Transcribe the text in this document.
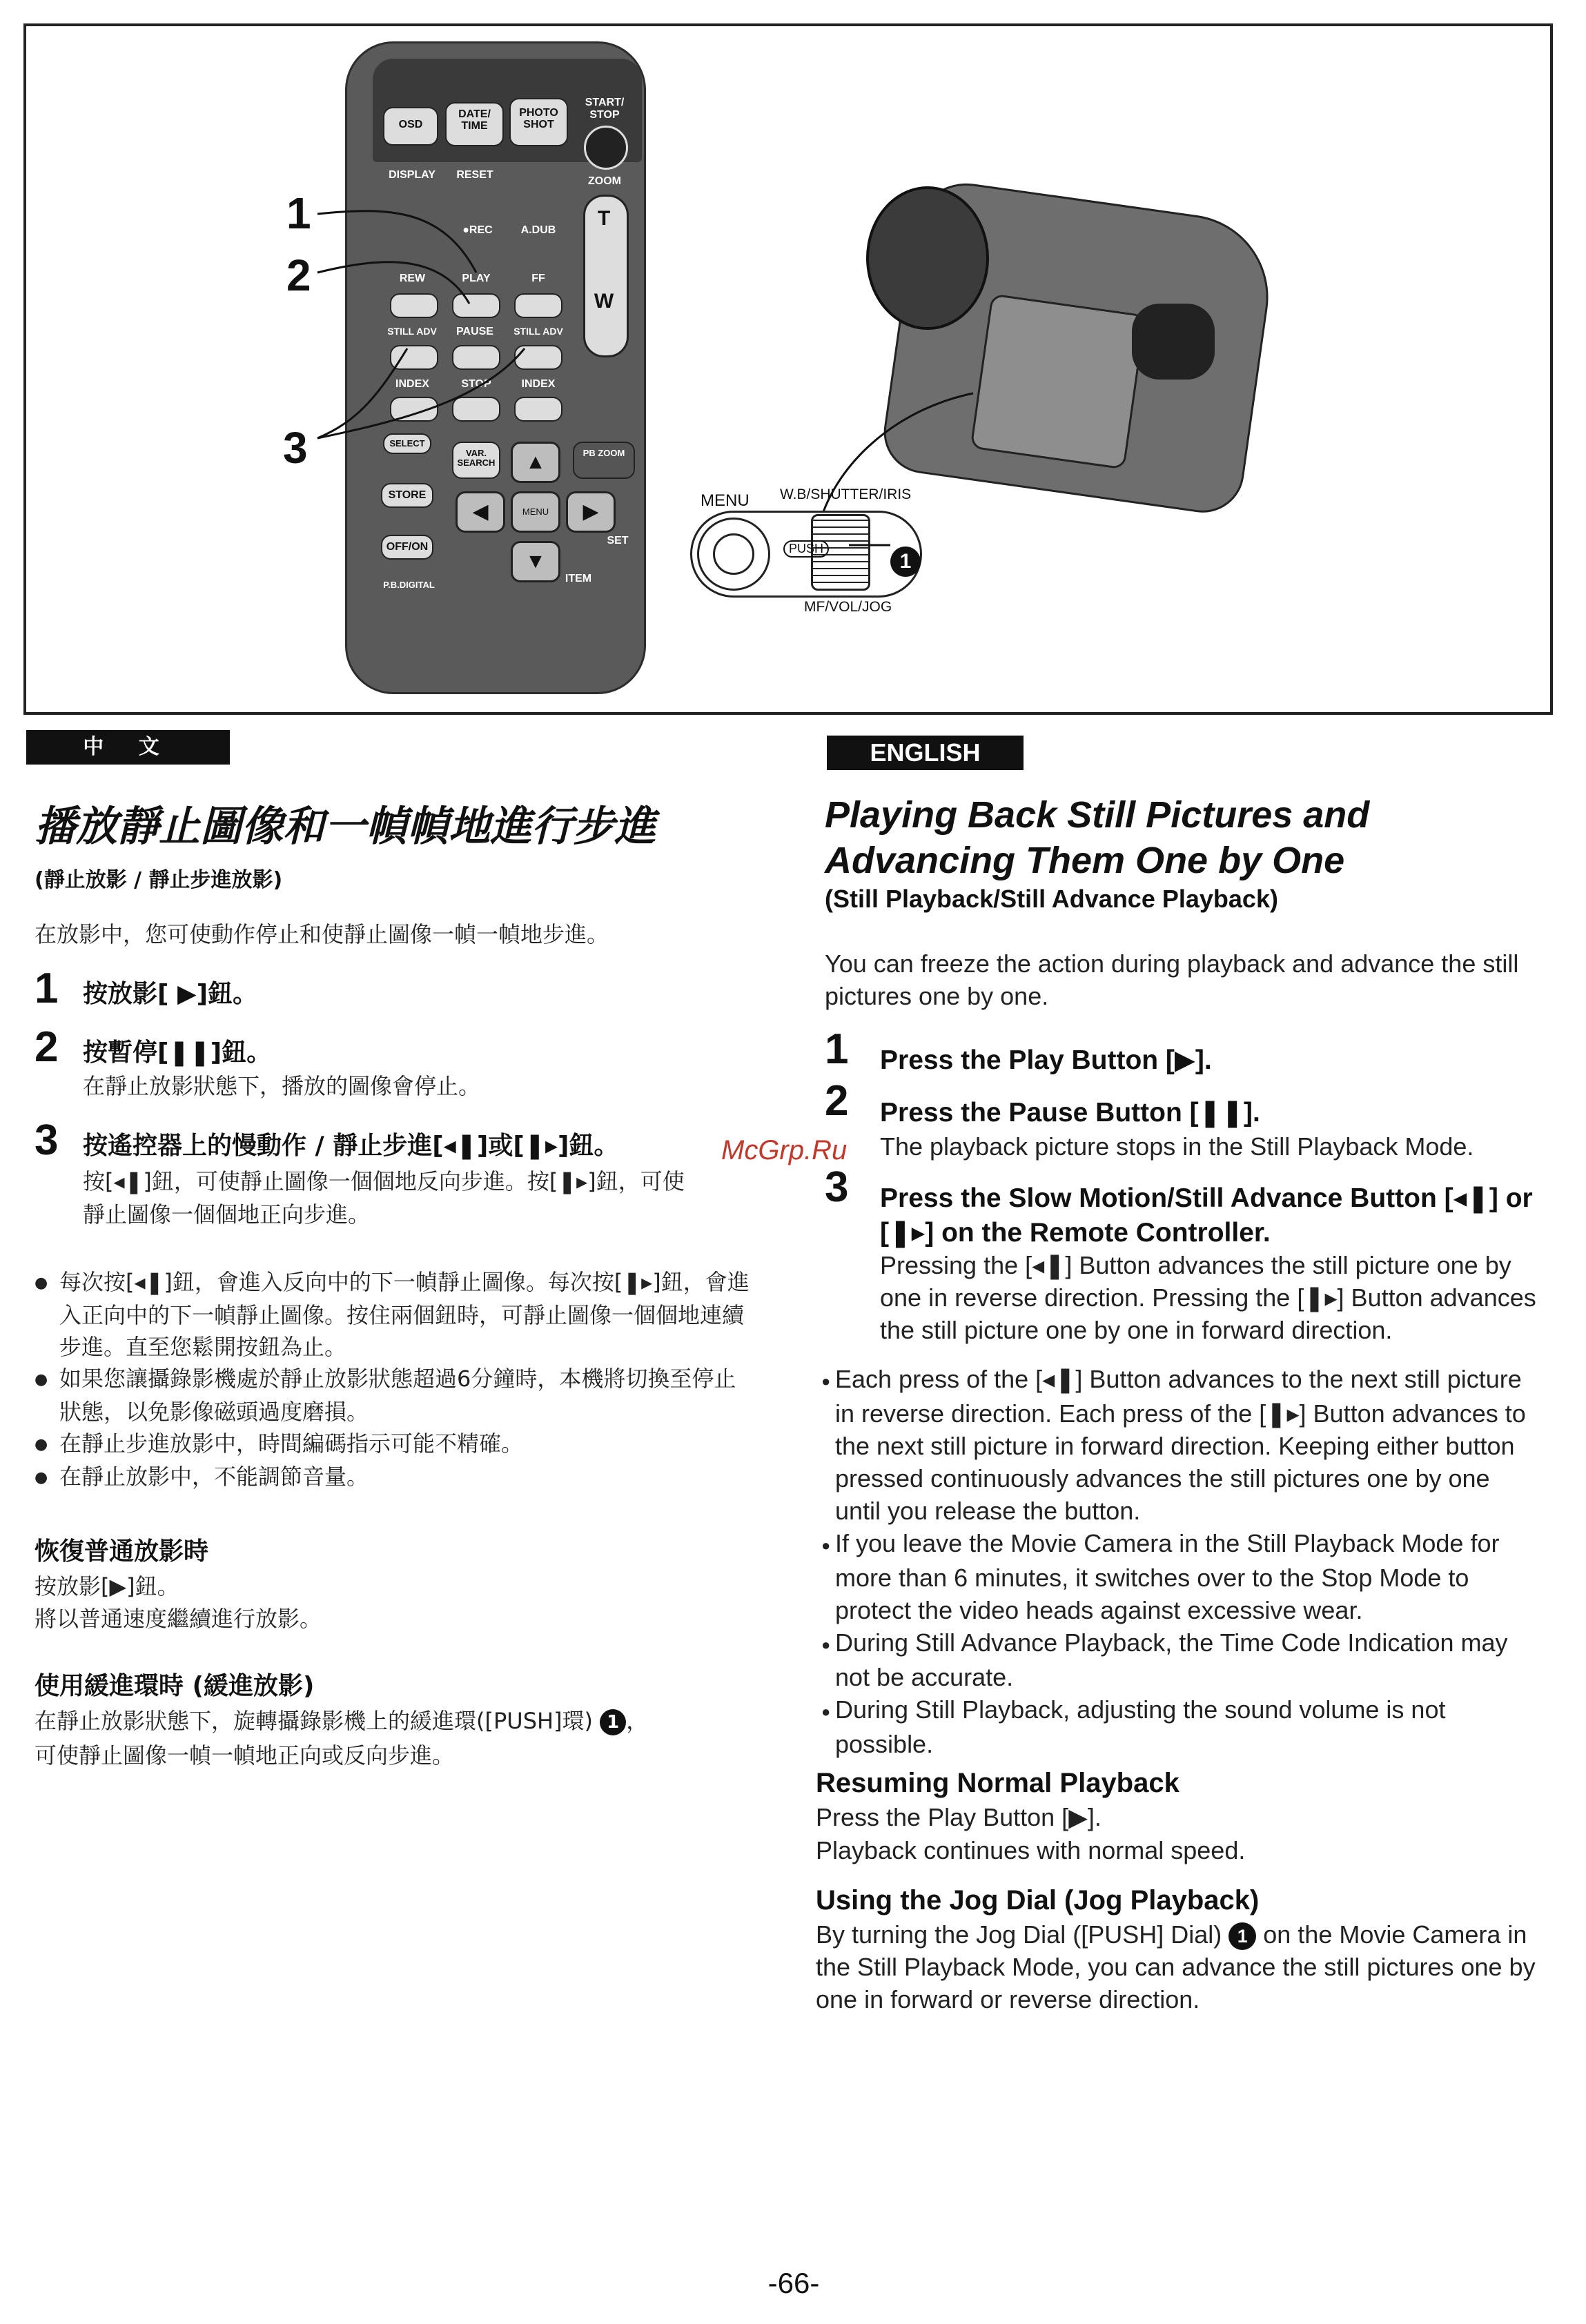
OSD
DATE/ TIME
PHOTO SHOT
START/ STOP
DISPLAY	RESET
ZOOM
T
W
●REC	A.DUB
REW	PLAY	FF
STILL ADV	PAUSE	STILL ADV
INDEX	STOP	INDEX
SELECT
VAR. SEARCH
PB ZOOM
STORE
OFF/ON
P.B.DIGITAL
▲
◀	MENU	▶
▼
SET
ITEM
1
2
3
MENU W.B/SHUTTER/IRIS
PUSH
MF/VOL/JOG
1
中 文
播放靜止圖像和一幀幀地進行步進
(靜止放影 / 靜止步進放影)
在放影中，您可使動作停止和使靜止圖像一幀一幀地步進。
1 按放影[ ▶]鈕。
2 按暫停[❚❚]鈕。
在靜止放影狀態下，播放的圖像會停止。
3 按遙控器上的慢動作 / 靜止步進[◂❚]或[❚▸]鈕。
按[◂❚]鈕，可使靜止圖像一個個地反向步進。按[❚▸]鈕，可使
靜止圖像一個個地正向步進。
● 每次按[◂❚]鈕，會進入反向中的下一幀靜止圖像。每次按[❚▸]鈕，會進入正向中的下一幀靜止圖像。按住兩個鈕時，可靜止圖像一個個地連續步進。直至您鬆開按鈕為止。
● 如果您讓攝錄影機處於靜止放影狀態超過6分鐘時，本機將切換至停止狀態，以免影像磁頭過度磨損。
● 在靜止步進放影中，時間編碼指示可能不精確。
● 在靜止放影中，不能調節音量。
恢復普通放影時
按放影[▶]鈕。
將以普通速度繼續進行放影。
使用緩進環時 (緩進放影)
在靜止放影狀態下，旋轉攝錄影機上的緩進環([PUSH]環) 1 ，
可使靜止圖像一幀一幀地正向或反向步進。
ENGLISH
Playing Back Still Pictures and
Advancing Them One by One
(Still Playback/Still Advance Playback)
You can freeze the action during playback and advance the still pictures one by one.
1 Press the Play Button [▶].
2 Press the Pause Button [❚❚].
The playback picture stops in the Still Playback Mode.
3 Press the Slow Motion/Still Advance Button [◂❚] or [❚▸] on the Remote Controller.
Pressing the [◂❚] Button advances the still picture one by one in reverse direction. Pressing the [❚▸] Button advances the still picture one by one in forward direction.
● Each press of the [◂❚] Button advances to the next still picture in reverse direction. Each press of the [❚▸] Button advances to the next still picture in forward direction. Keeping either button pressed continuously advances the still pictures one by one until you release the button.
● If you leave the Movie Camera in the Still Playback Mode for more than 6 minutes, it switches over to the Stop Mode to protect the video heads against excessive wear.
● During Still Advance Playback, the Time Code Indication may not be accurate.
● During Still Playback, adjusting the sound volume is not possible.
Resuming Normal Playback
Press the Play Button [▶].
Playback continues with normal speed.
Using the Jog Dial (Jog Playback)
By turning the Jog Dial ([PUSH] Dial) 1 on the Movie Camera in the Still Playback Mode, you can advance the still pictures one by one in forward or reverse direction.
McGrp.Ru
-66-
